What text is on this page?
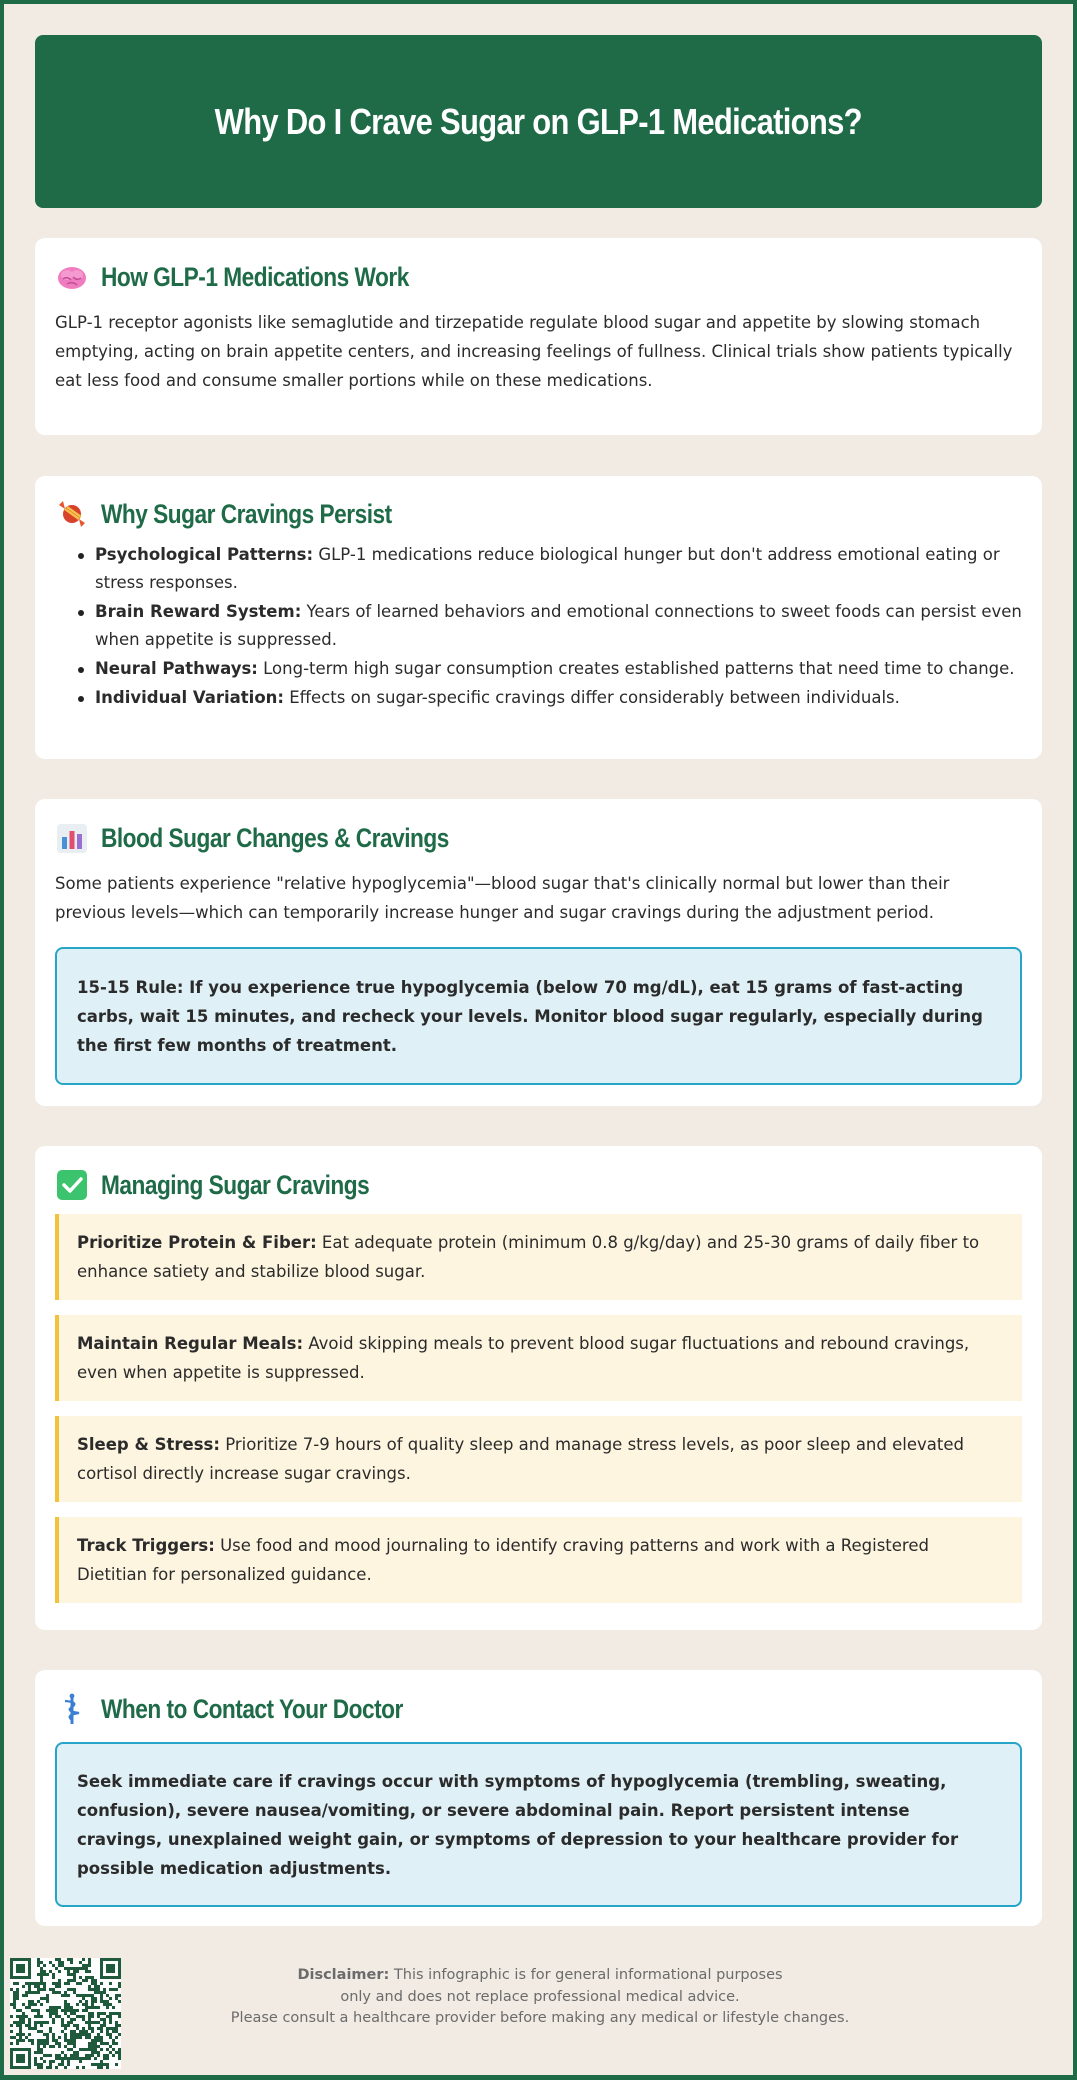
Why Do I Crave Sugar on GLP-1 Medications?
How GLP-1 Medications Work

GLP-1 receptor agonists like semaglutide and tirzepatide regulate blood sugar and appetite by slowing stomach emptying, acting on brain appetite centers, and increasing feelings of fullness. Clinical trials show patients typically eat less food and consume smaller portions while on these medications.

Why Sugar Cravings Persist
Psychological Patterns: GLP-1 medications reduce biological hunger but don't address emotional eating or stress responses.
Brain Reward System: Years of learned behaviors and emotional connections to sweet foods can persist even when appetite is suppressed.
Neural Pathways: Long-term high sugar consumption creates established patterns that need time to change.
Individual Variation: Effects on sugar-specific cravings differ considerably between individuals.
Blood Sugar Changes & Cravings

Some patients experience "relative hypoglycemia"—blood sugar that's clinically normal but lower than their previous levels—which can temporarily increase hunger and sugar cravings during the adjustment period.

15-15 Rule: If you experience true hypoglycemia (below 70 mg/dL), eat 15 grams of fast-acting carbs, wait 15 minutes, and recheck your levels. Monitor blood sugar regularly, especially during the first few months of treatment.

Managing Sugar Cravings

Prioritize Protein & Fiber: Eat adequate protein (minimum 0.8 g/kg/day) and 25-30 grams of daily fiber to enhance satiety and stabilize blood sugar.

Maintain Regular Meals: Avoid skipping meals to prevent blood sugar fluctuations and rebound cravings, even when appetite is suppressed.

Sleep & Stress: Prioritize 7-9 hours of quality sleep and manage stress levels, as poor sleep and elevated cortisol directly increase sugar cravings.

Track Triggers: Use food and mood journaling to identify craving patterns and work with a Registered Dietitian for personalized guidance.

When to Contact Your Doctor

Seek immediate care if cravings occur with symptoms of hypoglycemia (trembling, sweating, confusion), severe nausea/vomiting, or severe abdominal pain. Report persistent intense cravings, unexplained weight gain, or symptoms of depression to your healthcare provider for possible medication adjustments.

Disclaimer: This infographic is for general informational purposes
only and does not replace professional medical advice.
Please consult a healthcare provider before making any medical or lifestyle changes.
